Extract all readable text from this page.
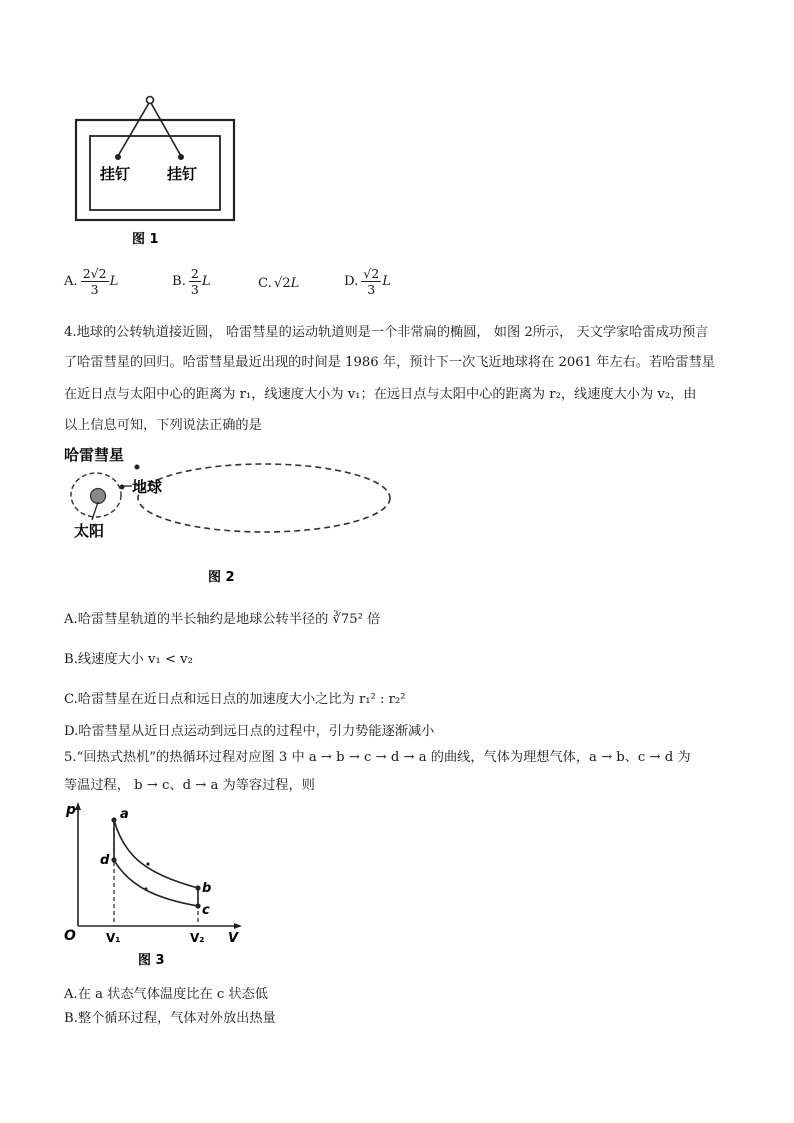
挂钉 挂钉
图 1
A. $\frac{2√2}{3}$ L	B. $\frac{2}{3}$ L	C. √2 L	D. $\frac{√2}{3}$ L
4.地球的公转轨道接近圆， 哈雷彗星的运动轨道则是一个非常扁的椭圆， 如图 2所示， 天文学家哈雷成功预言
了哈雷彗星的回归。哈雷彗星最近出现的时间是 1986 年，预计下一次飞近地球将在 2061 年左右。若哈雷彗星
在近日点与太阳中心的距离为 r₁，线速度大小为 v₁；在远日点与太阳中心的距离为 r₂，线速度大小为 v₂，由
以上信息可知，下列说法正确的是
哈雷彗星
地球
太阳
图 2
A.哈雷彗星轨道的半长轴约是地球公转半径的 ∛75² 倍
B.线速度大小 v₁ < v₂
C.哈雷彗星在近日点和远日点的加速度大小之比为 r₁² : r₂²
D.哈雷彗星从近日点运动到远日点的过程中，引力势能逐渐减小
5.“回热式热机”的热循环过程对应图 3 中 a → b → c → d → a 的曲线，气体为理想气体，a → b、c → d 为
等温过程， b → c、d → a 为等容过程，则
p
V
O	V₁	V₂
a
d
b
c
图 3
A.在 a 状态气体温度比在 c 状态低
B.整个循环过程，气体对外放出热量
